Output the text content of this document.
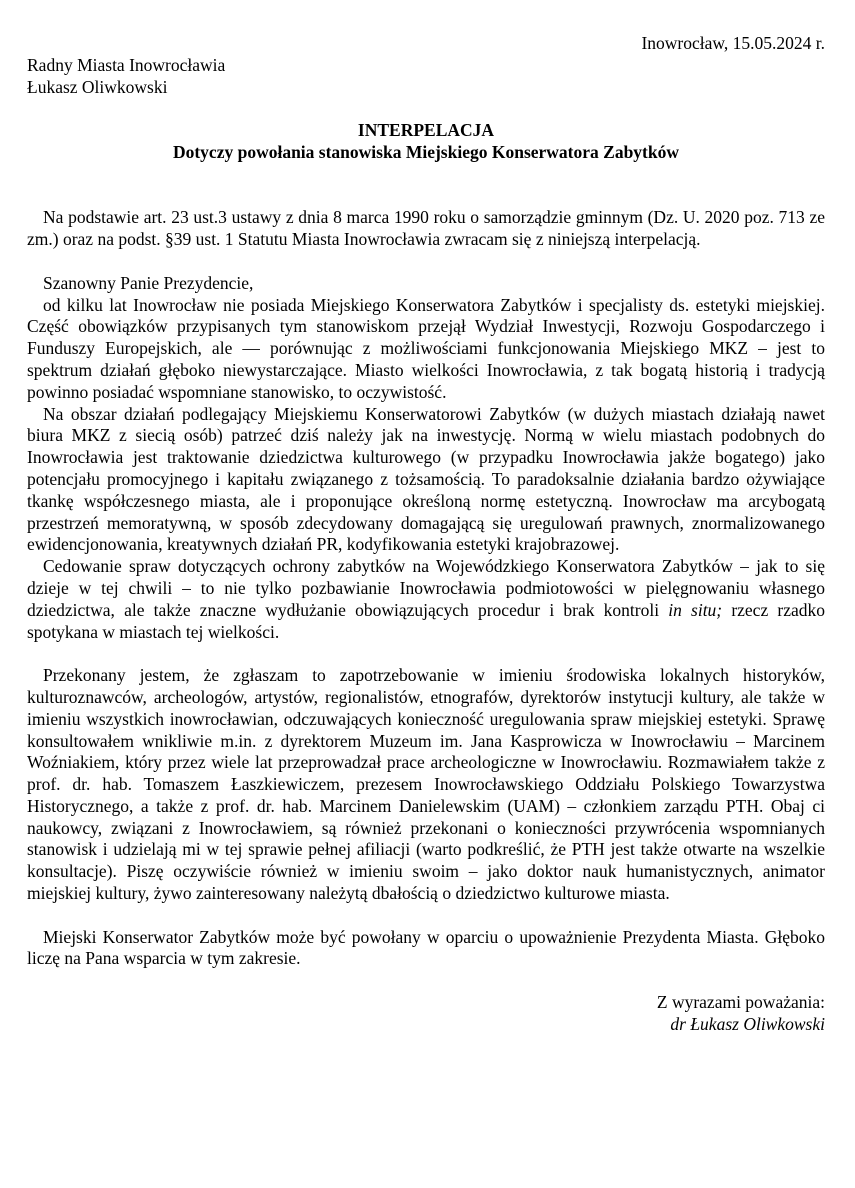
Inowrocław, 15.05.2024 r.
Radny Miasta Inowrocławia
Łukasz Oliwkowski
INTERPELACJA
Dotyczy powołania stanowiska Miejskiego Konserwatora Zabytków

Na podstawie art. 23 ust.3 ustawy z dnia 8 marca 1990 roku o samorządzie gminnym (Dz. U. 2020 poz. 713 ze zm.) oraz na podst. §39 ust. 1 Statutu Miasta Inowrocławia zwracam się z niniejszą interpelacją.

Szanowny Panie Prezydencie,

od kilku lat Inowrocław nie posiada Miejskiego Konserwatora Zabytków i specjalisty ds. estetyki miejskiej. Część obowiązków przypisanych tym stanowiskom przejął Wydział Inwestycji, Rozwoju Gospodarczego i Funduszy Europejskich, ale — porównując z możliwościami funkcjonowania Miejskiego MKZ – jest to spektrum działań głęboko niewystarczające. Miasto wielkości Inowrocławia, z tak bogatą historią i tradycją powinno posiadać wspomniane stanowisko, to oczywistość.

Na obszar działań podlegający Miejskiemu Konserwatorowi Zabytków (w dużych miastach działają nawet biura MKZ z siecią osób) patrzeć dziś należy jak na inwestycję. Normą w wielu miastach podobnych do Inowrocławia jest traktowanie dziedzictwa kulturowego (w przypadku Inowrocławia jakże bogatego) jako potencjału promocyjnego i kapitału związanego z tożsamością. To paradoksalnie działania bardzo ożywiające tkankę współczesnego miasta, ale i proponujące określoną normę estetyczną. Inowrocław ma arcybogatą przestrzeń memoratywną, w sposób zdecydowany domagającą się uregulowań prawnych, znormalizowanego ewidencjonowania, kreatywnych działań PR, kodyfikowania estetyki krajobrazowej.

Cedowanie spraw dotyczących ochrony zabytków na Wojewódzkiego Konserwatora Zabytków – jak to się dzieje w tej chwili – to nie tylko pozbawianie Inowrocławia podmiotowości w pielęgnowaniu własnego dziedzictwa, ale także znaczne wydłużanie obowiązujących procedur i brak kontroli in situ; rzecz rzadko spotykana w miastach tej wielkości.

Przekonany jestem, że zgłaszam to zapotrzebowanie w imieniu środowiska lokalnych historyków, kulturoznawców, archeologów, artystów, regionalistów, etnografów, dyrektorów instytucji kultury, ale także w imieniu wszystkich inowrocławian, odczuwających konieczność uregulowania spraw miejskiej estetyki. Sprawę konsultowałem wnikliwie m.in. z dyrektorem Muzeum im. Jana Kasprowicza w Inowrocławiu – Marcinem Woźniakiem, który przez wiele lat przeprowadzał prace archeologiczne w Inowrocławiu. Rozmawiałem także z prof. dr. hab. Tomaszem Łaszkiewiczem, prezesem Inowrocławskiego Oddziału Polskiego Towarzystwa Historycznego, a także z prof. dr. hab. Marcinem Danielewskim (UAM) – członkiem zarządu PTH. Obaj ci naukowcy, związani z Inowrocławiem, są również przekonani o konieczności przywrócenia wspomnianych stanowisk i udzielają mi w tej sprawie pełnej afiliacji (warto podkreślić, że PTH jest także otwarte na wszelkie konsultacje). Piszę oczywiście również w imieniu swoim – jako doktor nauk humanistycznych, animator miejskiej kultury, żywo zainteresowany należytą dbałością o dziedzictwo kulturowe miasta.

Miejski Konserwator Zabytków może być powołany w oparciu o upoważnienie Prezydenta Miasta. Głęboko liczę na Pana wsparcia w tym zakresie.

Z wyrazami poważania:
dr Łukasz Oliwkowski
